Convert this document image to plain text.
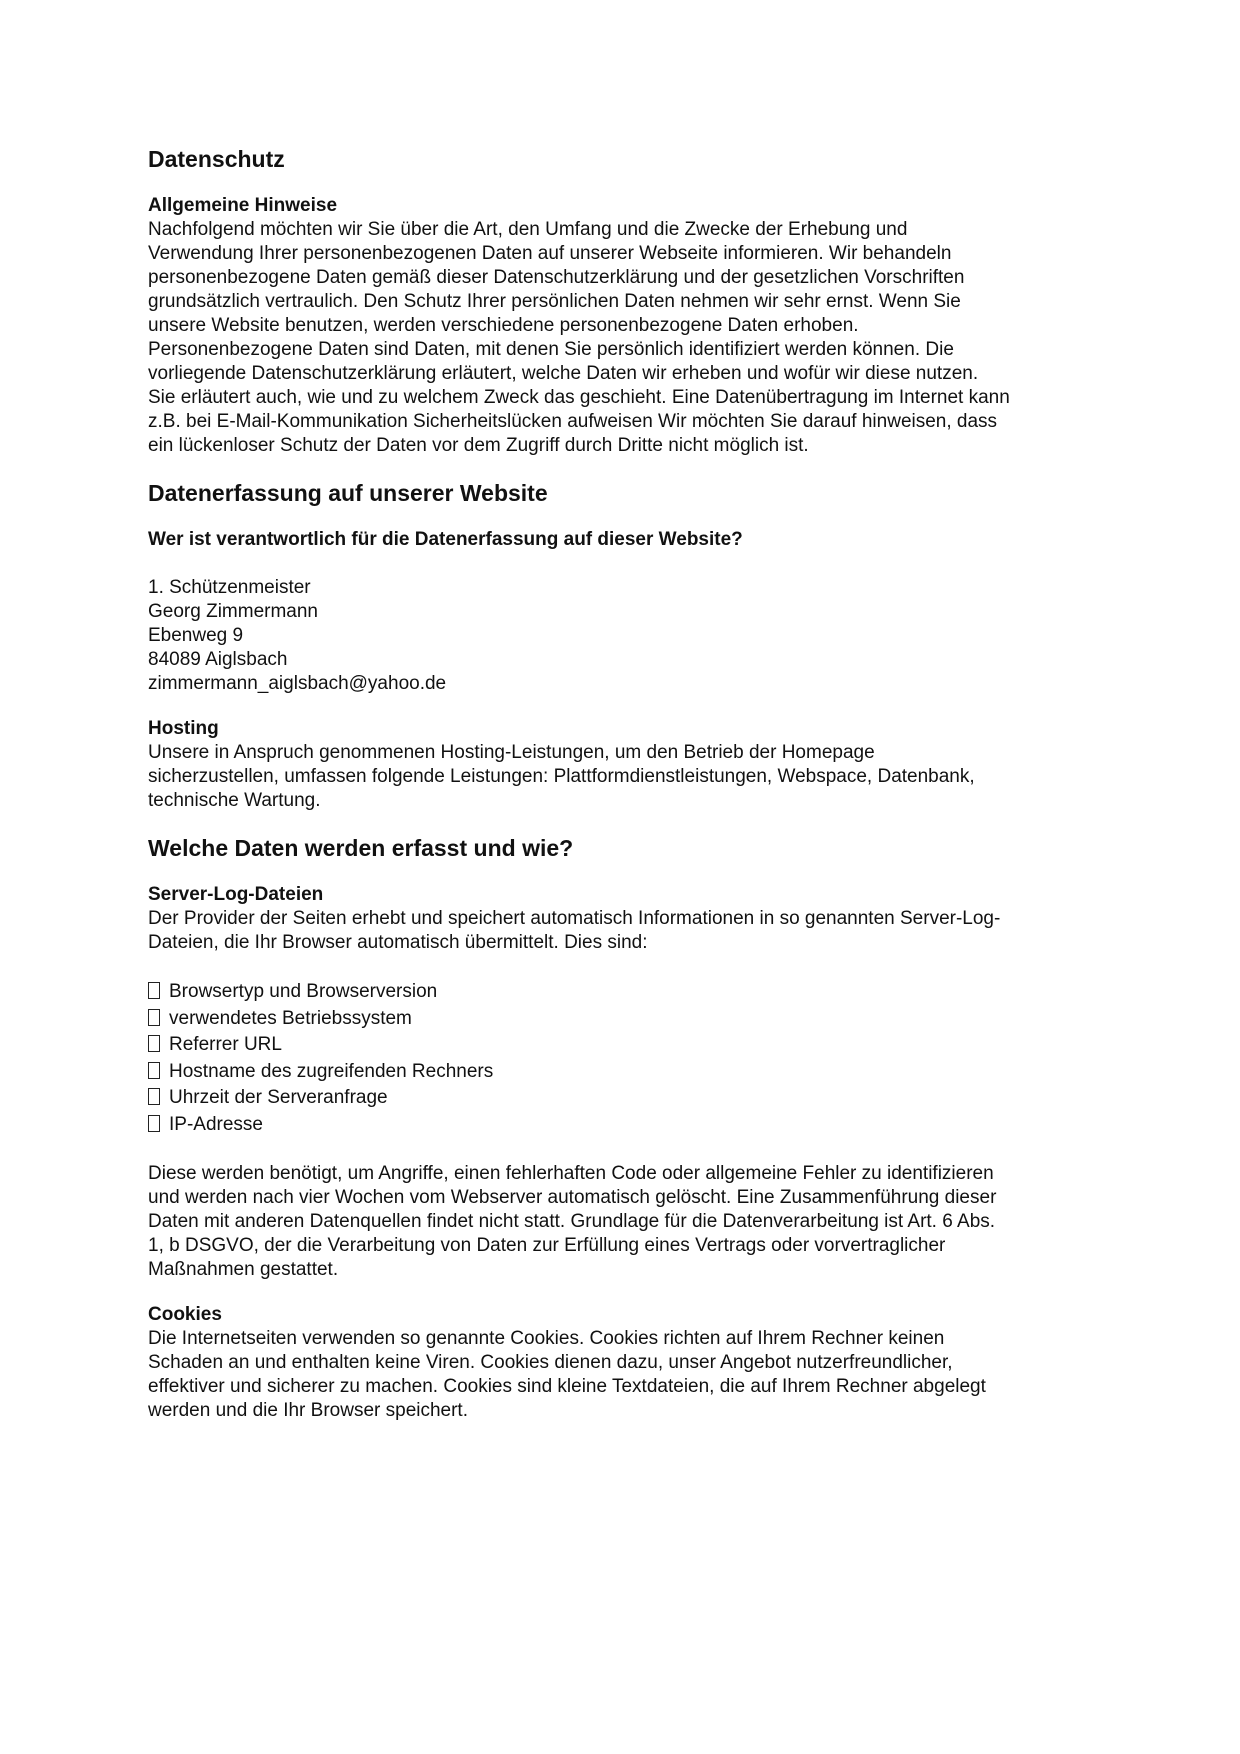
Datenschutz
Allgemeine Hinweise

Nachfolgend möchten wir Sie über die Art, den Umfang und die Zwecke der Erhebung und
Verwendung Ihrer personenbezogenen Daten auf unserer Webseite informieren. Wir behandeln
personenbezogene Daten gemäß dieser Datenschutzerklärung und der gesetzlichen Vorschriften
grundsätzlich vertraulich. Den Schutz Ihrer persönlichen Daten nehmen wir sehr ernst. Wenn Sie
unsere Website benutzen, werden verschiedene personenbezogene Daten erhoben.
Personenbezogene Daten sind Daten, mit denen Sie persönlich identifiziert werden können. Die
vorliegende Datenschutzerklärung erläutert, welche Daten wir erheben und wofür wir diese nutzen.
Sie erläutert auch, wie und zu welchem Zweck das geschieht. Eine Datenübertragung im Internet kann
z.B. bei E-Mail-Kommunikation Sicherheitslücken aufweisen Wir möchten Sie darauf hinweisen, dass
ein lückenloser Schutz der Daten vor dem Zugriff durch Dritte nicht möglich ist.

Datenerfassung auf unserer Website
Wer ist verantwortlich für die Datenerfassung auf dieser Website?

1. Schützenmeister

Georg Zimmermann

Ebenweg 9

84089 Aiglsbach

zimmermann_aiglsbach@yahoo.de

Hosting

Unsere in Anspruch genommenen Hosting-Leistungen, um den Betrieb der Homepage
sicherzustellen, umfassen folgende Leistungen: Plattformdienstleistungen, Webspace, Datenbank,
technische Wartung.

Welche Daten werden erfasst und wie?
Server-Log-Dateien

Der Provider der Seiten erhebt und speichert automatisch Informationen in so genannten Server-Log-
Dateien, die Ihr Browser automatisch übermittelt. Dies sind:

Browsertyp und Browserversion
verwendetes Betriebssystem
Referrer URL
Hostname des zugreifenden Rechners
Uhrzeit der Serveranfrage
IP-Adresse

Diese werden benötigt, um Angriffe, einen fehlerhaften Code oder allgemeine Fehler zu identifizieren
und werden nach vier Wochen vom Webserver automatisch gelöscht. Eine Zusammenführung dieser
Daten mit anderen Datenquellen findet nicht statt. Grundlage für die Datenverarbeitung ist Art. 6 Abs.
1, b DSGVO, der die Verarbeitung von Daten zur Erfüllung eines Vertrags oder vorvertraglicher
Maßnahmen gestattet.

Cookies

Die Internetseiten verwenden so genannte Cookies. Cookies richten auf Ihrem Rechner keinen
Schaden an und enthalten keine Viren. Cookies dienen dazu, unser Angebot nutzerfreundlicher,
effektiver und sicherer zu machen. Cookies sind kleine Textdateien, die auf Ihrem Rechner abgelegt
werden und die Ihr Browser speichert.
